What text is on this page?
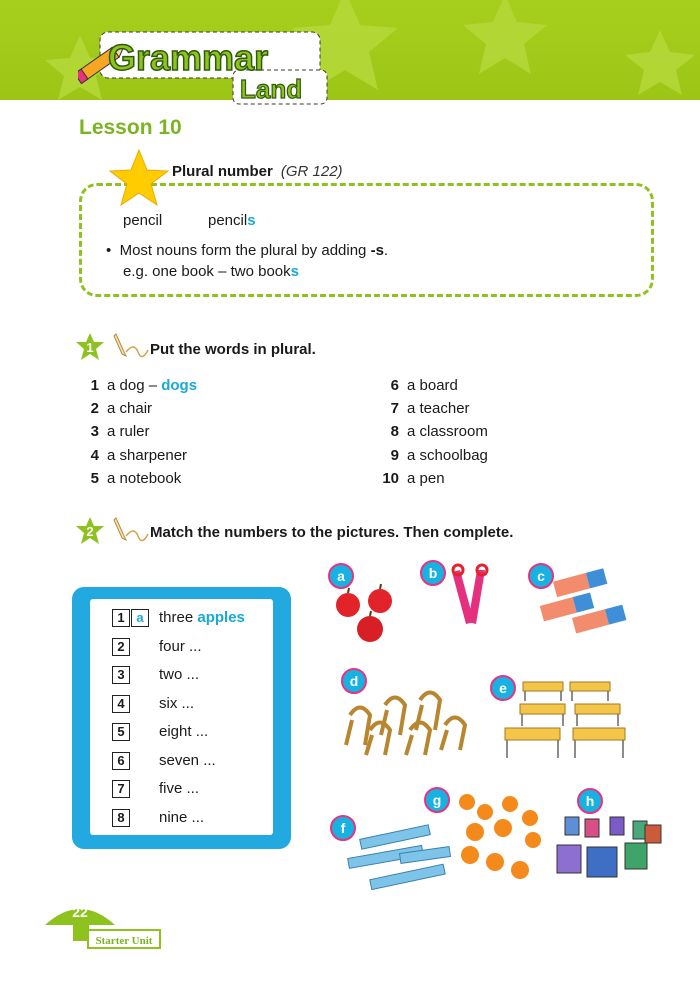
Grammar
Land
Lesson 10
Plural number (GR 122)
pencil	pencils
•  Most nouns form the plural by adding -s.
e.g. one book – two books
1	Put the words in plural.
1 a dog – dogs
2 a chair
3 a ruler
4 a sharpener
5 a notebook
6 a board
7 a teacher
8 a classroom
9 a schoolbag
10 a pen
2	Match the numbers to the pictures. Then complete.
1 a	three apples
2	four ...
3	two ...
4	six ...
5	eight ...
6	seven ...
7	five ...
8	nine ...
a	b	c
d	e
f
g	h
22
Starter Unit
